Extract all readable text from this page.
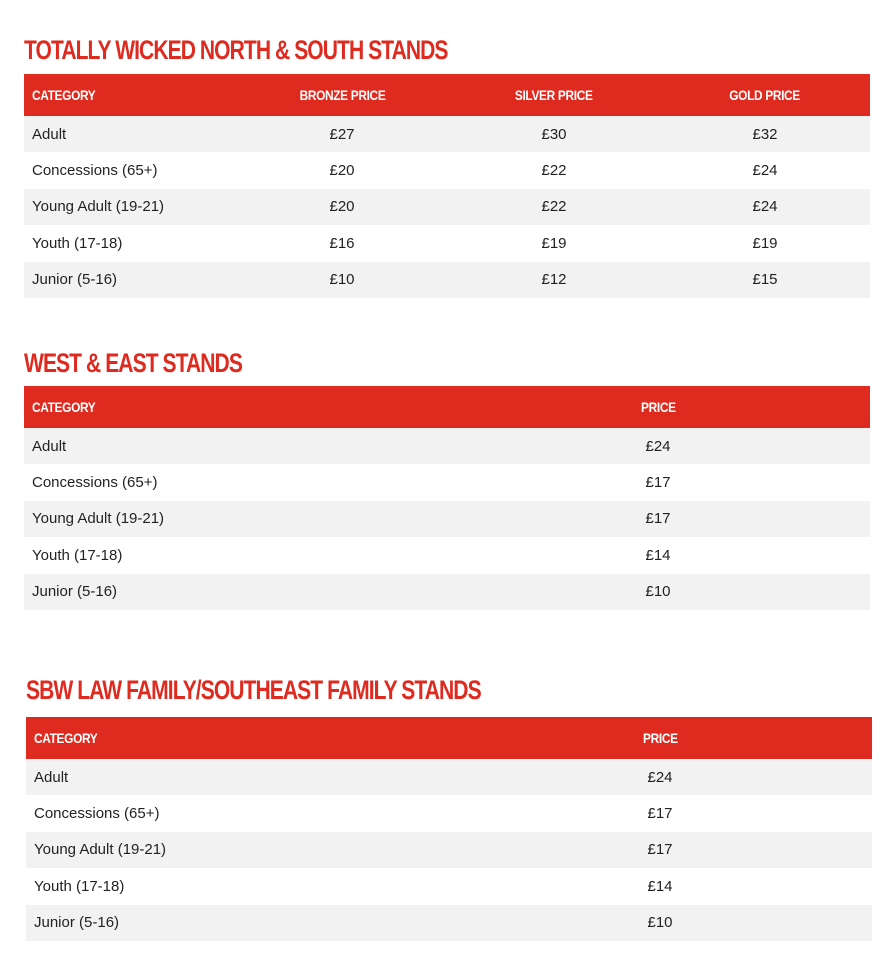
TOTALLY WICKED NORTH & SOUTH STANDS
CATEGORY	BRONZE PRICE	SILVER PRICE	GOLD PRICE
Adult	£27	£30	£32
Concessions (65+)	£20	£22	£24
Young Adult (19-21)	£20	£22	£24
Youth (17-18)	£16	£19	£19
Junior (5-16)	£10	£12	£15
WEST & EAST STANDS
CATEGORY	PRICE	
Adult	£24	
Concessions (65+)	£17	
Young Adult (19-21)	£17	
Youth (17-18)	£14	
Junior (5-16)	£10	
SBW LAW FAMILY/SOUTHEAST FAMILY STANDS
CATEGORY	PRICE	
Adult	£24	
Concessions (65+)	£17	
Young Adult (19-21)	£17	
Youth (17-18)	£14	
Junior (5-16)	£10	
